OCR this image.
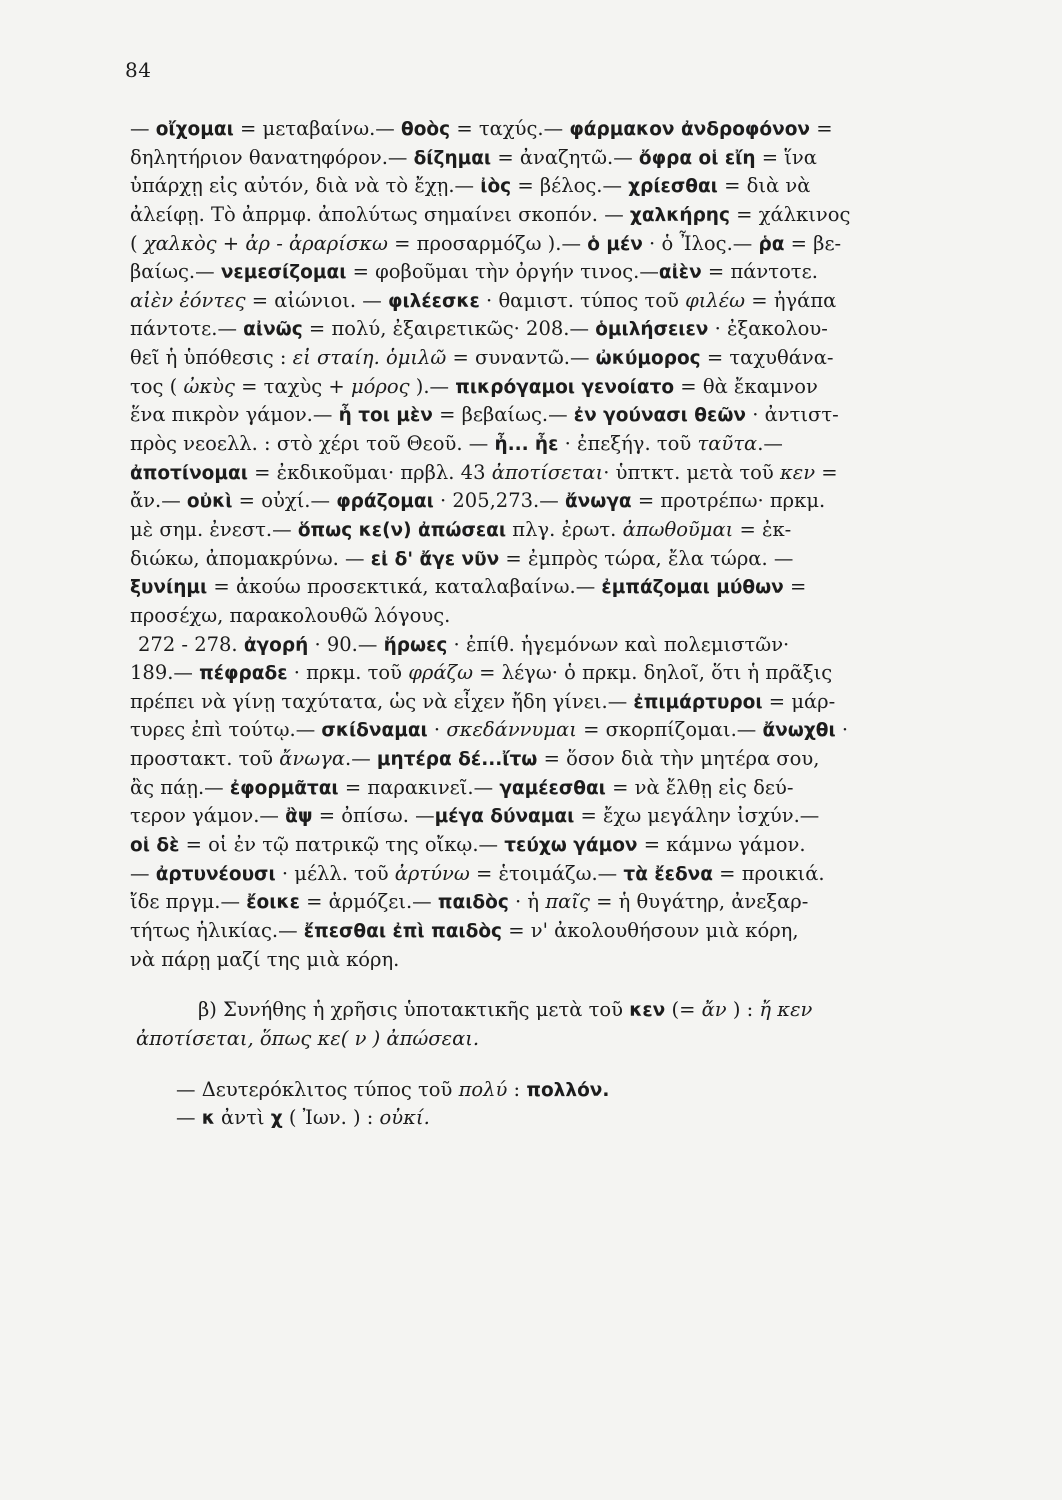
84
— οἴχομαι = μεταβαίνω.— θοὸς = ταχύς.— φάρμακον ἀνδροφόνον =
δηλητήριον θανατηφόρον.— δίζημαι = ἀναζητῶ.— ὄφρα οἱ εἴη = ἵνα
ὑπάρχῃ εἰς αὐτόν, διὰ νὰ τὸ ἔχῃ.— ἰὸς = βέλος.— χρίεσθαι = διὰ νὰ
ἀλείφῃ. Τὸ ἀπρμφ. ἀπολύτως σημαίνει σκοπόν. — χαλκήρης = χάλκινος
( χαλκὸς + ἀρ - ἀραρίσκω = προσαρμόζω ).— ὁ μέν · ὁ Ἶλος.— ῥα = βε-
βαίως.— νεμεσίζομαι = φοβοῦμαι τὴν ὀργήν τινος.—αἰὲν = πάντοτε.
αἰὲν ἐόντες = αἰώνιοι. — φιλέεσκε · θαμιστ. τύπος τοῦ φιλέω = ἠγάπα
πάντοτε.— αἰνῶς = πολύ, ἐξαιρετικῶς· 208.— ὁμιλήσειεν · ἐξακολου-
θεῖ ἡ ὑπόθεσις : εἰ σταίη. ὁμιλῶ = συναντῶ.— ὠκύμορος = ταχυθάνα-
τος ( ὠκὺς = ταχὺς + μόρος ).— πικρόγαμοι γενοίατο = θὰ ἔκαμνον
ἕνα πικρὸν γάμον.— ἦ τοι μὲν = βεβαίως.— ἐν γούνασι θεῶν · ἀντιστ-
πρὸς νεοελλ. : στὸ χέρι τοῦ Θεοῦ. — ἦ... ἦε · ἐπεξήγ. τοῦ ταῦτα.—
ἀποτίνομαι = ἐκδικοῦμαι· πρβλ. 43 ἀποτίσεται· ὑπτκτ. μετὰ τοῦ κεν =
ἄν.— οὐκὶ = οὐχί.— φράζομαι · 205,273.— ἄνωγα = προτρέπω· πρκμ.
μὲ σημ. ἐνεστ.— ὅπως κε(ν) ἀπώσεαι πλγ. ἐρωτ. ἀπωθοῦμαι = ἐκ-
διώκω, ἀπομακρύνω. — εἰ δ' ἄγε νῦν = ἐμπρὸς τώρα, ἔλα τώρα. —
ξυνίημι = ἀκούω προσεκτικά, καταλαβαίνω.— ἐμπάζομαι μύθων =
προσέχω, παρακολουθῶ λόγους.
272 - 278. ἀγορή · 90.— ἥρωες · ἐπίθ. ἡγεμόνων καὶ πολεμιστῶν·
189.— πέφραδε · πρκμ. τοῦ φράζω = λέγω· ὁ πρκμ. δηλοῖ, ὅτι ἡ πρᾶξις
πρέπει νὰ γίνῃ ταχύτατα, ὡς νὰ εἶχεν ἤδη γίνει.— ἐπιμάρτυροι = μάρ-
τυρες ἐπὶ τούτῳ.— σκίδναμαι · σκεδάννυμαι = σκορπίζομαι.— ἄνωχθι ·
προστακτ. τοῦ ἄνωγα.— μητέρα δέ...ἴτω = ὅσον διὰ τὴν μητέρα σου,
ἂς πάῃ.— ἐφορμᾶται = παρακινεῖ.— γαμέεσθαι = νὰ ἔλθῃ εἰς δεύ-
τερον γάμον.— ἂψ = ὀπίσω. —μέγα δύναμαι = ἔχω μεγάλην ἰσχύν.—
οἱ δὲ = οἱ ἐν τῷ πατρικῷ της οἴκῳ.— τεύχω γάμον = κάμνω γάμον.
— ἀρτυνέουσι · μέλλ. τοῦ ἀρτύνω = ἑτοιμάζω.— τὰ ἔεδνα = προικιά.
ἴδε πργμ.— ἔοικε = ἁρμόζει.— παιδὸς · ἡ παῖς = ἡ θυγάτηρ, ἀνεξαρ-
τήτως ἡλικίας.— ἔπεσθαι ἐπὶ παιδὸς = ν' ἀκολουθήσουν μιὰ κόρη,
νὰ πάρῃ μαζί της μιὰ κόρη.
β) Συνήθης ἡ χρῆσις ὑποτακτικῆς μετὰ τοῦ κεν (= ἄν ) : ἤ κεν
ἀποτίσεται, ὅπως κε( ν ) ἀπώσεαι.
— Δευτερόκλιτος τύπος τοῦ πολύ : πολλόν.
— κ ἀντὶ χ ( Ἰων. ) : οὐκί.
